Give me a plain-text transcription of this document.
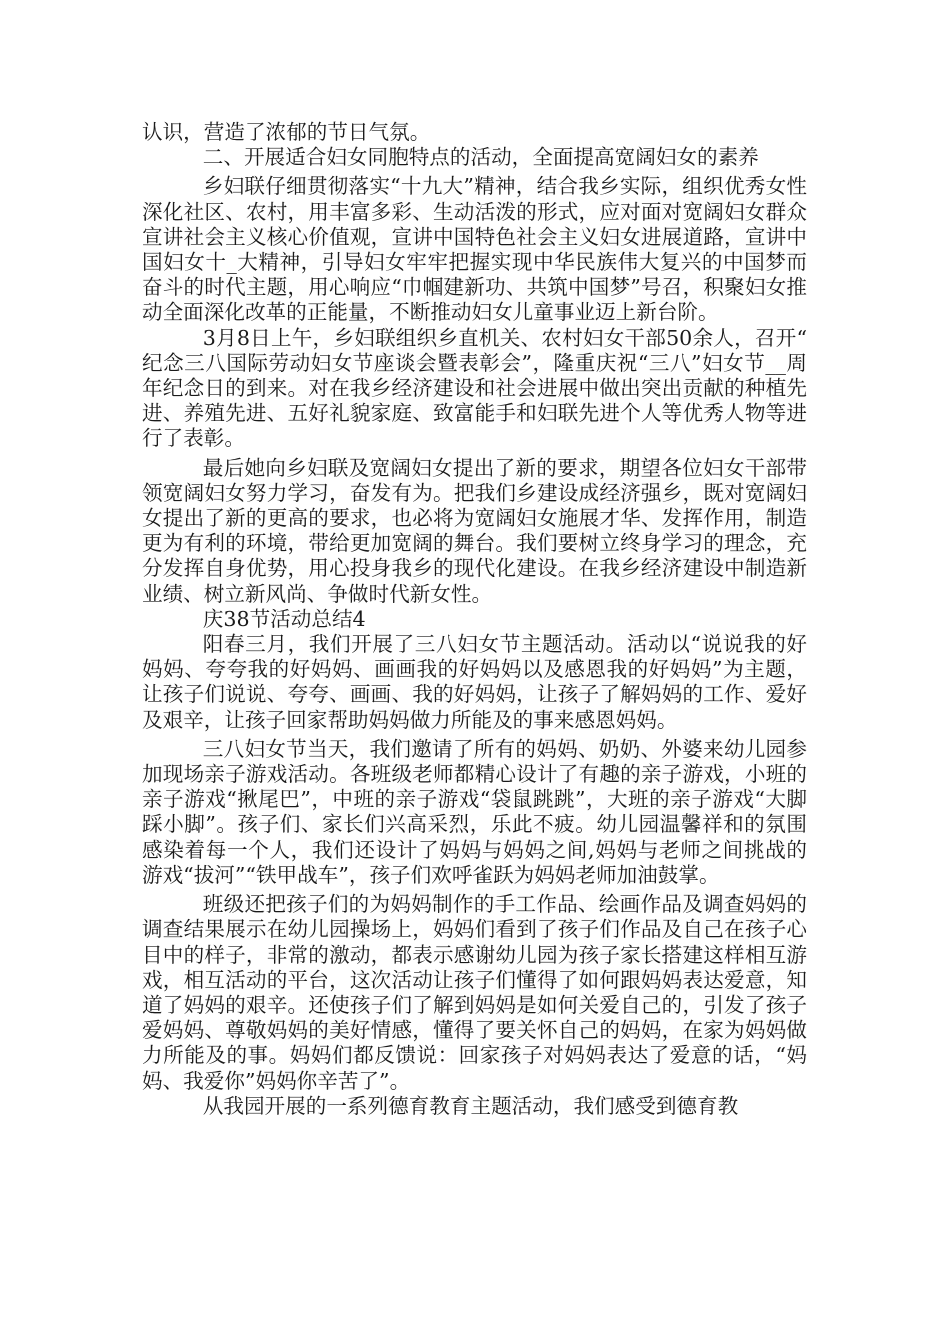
认识，营造了浓郁的节日气氛。

二、开展适合妇女同胞特点的活动，全面提高宽阔妇女的素养

乡妇联仔细贯彻落实“十九大”精神，结合我乡实际，组织优秀女性深化社区、农村，用丰富多彩、生动活泼的形式，应对面对宽阔妇女群众宣讲社会主义核心价值观，宣讲中国特色社会主义妇女进展道路，宣讲中国妇女十_大精神，引导妇女牢牢把握实现中华民族伟大复兴的中国梦而奋斗的时代主题，用心响应“巾帼建新功、共筑中国梦”号召，积聚妇女推动全面深化改革的正能量，不断推动妇女儿童事业迈上新台阶。

3月8日上午，乡妇联组织乡直机关、农村妇女干部50余人，召开“纪念三八国际劳动妇女节座谈会暨表彰会”，隆重庆祝“三八”妇女节__周年纪念日的到来。对在我乡经济建设和社会进展中做出突出贡献的种植先进、养殖先进、五好礼貌家庭、致富能手和妇联先进个人等优秀人物等进行了表彰。

最后她向乡妇联及宽阔妇女提出了新的要求，期望各位妇女干部带领宽阔妇女努力学习，奋发有为。把我们乡建设成经济强乡，既对宽阔妇女提出了新的更高的要求，也必将为宽阔妇女施展才华、发挥作用，制造更为有利的环境，带给更加宽阔的舞台。我们要树立终身学习的理念，充分发挥自身优势，用心投身我乡的现代化建设。在我乡经济建设中制造新业绩、树立新风尚、争做时代新女性。

庆38节活动总结4

阳春三月，我们开展了三八妇女节主题活动。活动以“说说我的好妈妈、夸夸我的好妈妈、画画我的好妈妈以及感恩我的好妈妈”为主题，让孩子们说说、夸夸、画画、我的好妈妈，让孩子了解妈妈的工作、爱好及艰辛，让孩子回家帮助妈妈做力所能及的事来感恩妈妈。

三八妇女节当天，我们邀请了所有的妈妈、奶奶、外婆来幼儿园参加现场亲子游戏活动。各班级老师都精心设计了有趣的亲子游戏，小班的亲子游戏“揪尾巴”，中班的亲子游戏“袋鼠跳跳”，大班的亲子游戏“大脚踩小脚”。孩子们、家长们兴高采烈，乐此不疲。幼儿园温馨祥和的氛围感染着每一个人，我们还设计了妈妈与妈妈之间,妈妈与老师之间挑战的游戏“拔河”“铁甲战车”，孩子们欢呼雀跃为妈妈老师加油鼓掌。

班级还把孩子们的为妈妈制作的手工作品、绘画作品及调查妈妈的调查结果展示在幼儿园操场上，妈妈们看到了孩子们作品及自己在孩子心目中的样子，非常的激动，都表示感谢幼儿园为孩子家长搭建这样相互游戏，相互活动的平台，这次活动让孩子们懂得了如何跟妈妈表达爱意，知道了妈妈的艰辛。还使孩子们了解到妈妈是如何关爱自己的，引发了孩子爱妈妈、尊敬妈妈的美好情感，懂得了要关怀自己的妈妈，在家为妈妈做力所能及的事。妈妈们都反馈说：回家孩子对妈妈表达了爱意的话，“妈妈、我爱你”妈妈你辛苦了”。

从我园开展的一系列德育教育主题活动，我们感受到德育教
